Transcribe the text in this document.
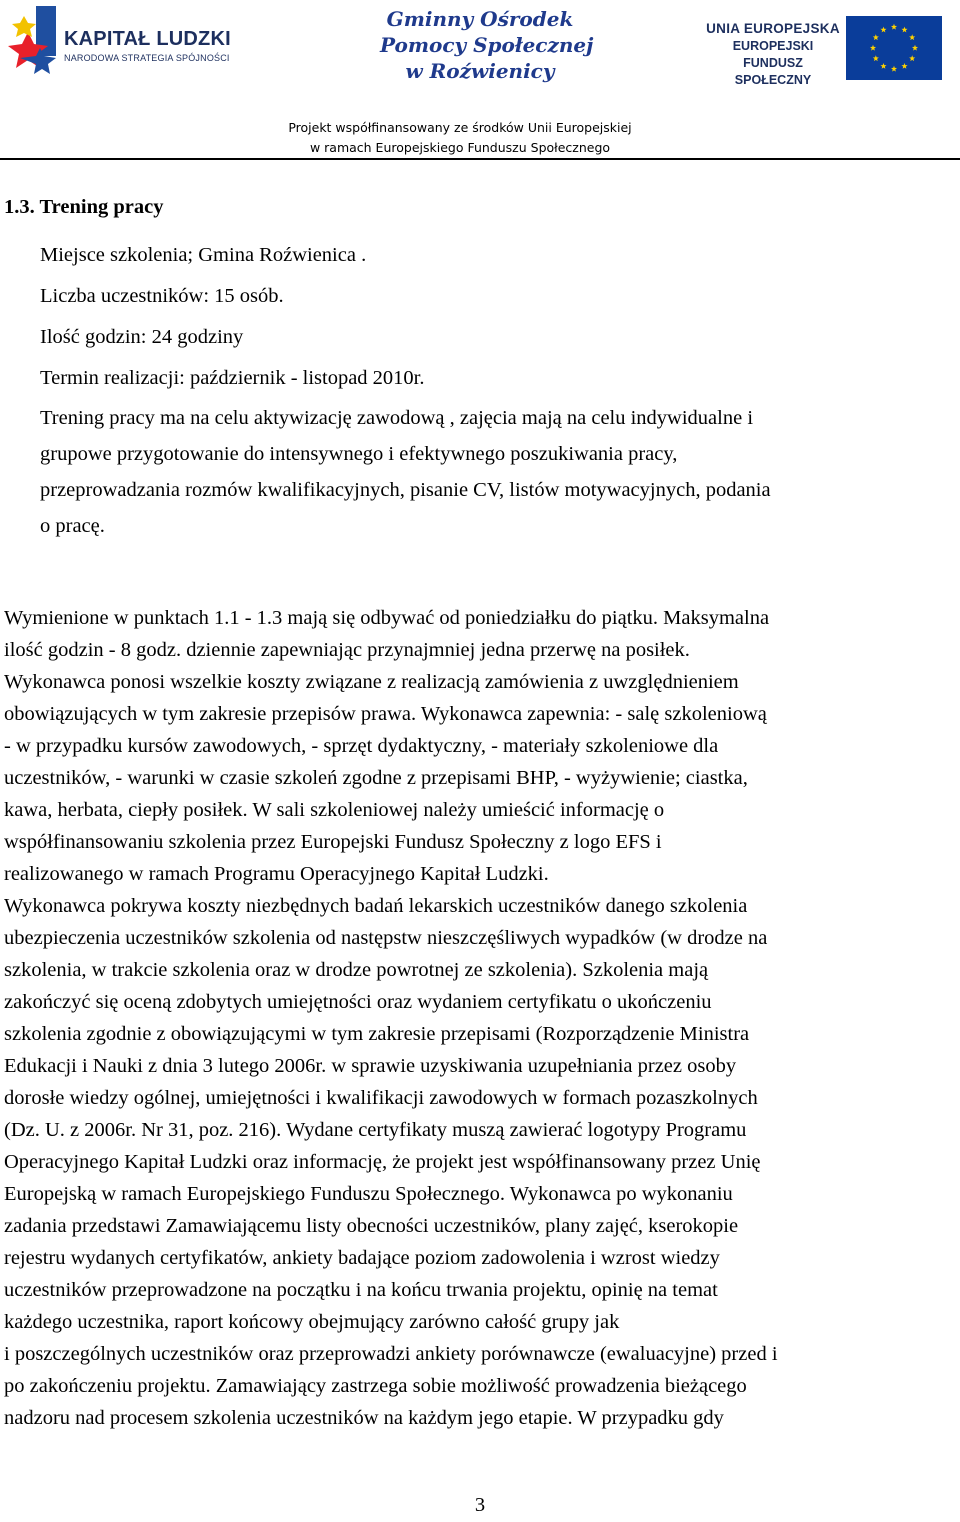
KAPITAŁ LUDZKI
NARODOWA STRATEGIA SPÓJNOŚCI
Gminny Ośrodek
Pomocy Społecznej
w Roźwienicy
UNIA EUROPEJSKA
EUROPEJSKI
FUNDUSZ SPOŁECZNY
Projekt współfinansowany ze środków Unii Europejskiej
w ramach Europejskiego Funduszu Społecznego
1.3. Trening pracy
Miejsce szkolenia; Gmina Roźwienica .
Liczba uczestników: 15 osób.
Ilość godzin: 24 godziny
Termin realizacji: październik - listopad 2010r.
Trening pracy ma na celu aktywizację zawodową , zajęcia mają na celu indywidualne i
grupowe przygotowanie do intensywnego i efektywnego poszukiwania pracy,
przeprowadzania rozmów kwalifikacyjnych, pisanie CV, listów motywacyjnych, podania
o pracę.
Wymienione w punktach 1.1 - 1.3 mają się odbywać od poniedziałku do piątku. Maksymalna
ilość godzin - 8 godz. dziennie zapewniając przynajmniej jedna przerwę na posiłek.
Wykonawca ponosi wszelkie koszty związane z realizacją zamówienia z uwzględnieniem
obowiązujących w tym zakresie przepisów prawa. Wykonawca zapewnia: - salę szkoleniową
- w przypadku kursów zawodowych, - sprzęt dydaktyczny, - materiały szkoleniowe dla
uczestników, - warunki w czasie szkoleń zgodne z przepisami BHP, - wyżywienie; ciastka,
kawa, herbata, ciepły posiłek. W sali szkoleniowej należy umieścić informację o
współfinansowaniu szkolenia przez Europejski Fundusz Społeczny z logo EFS i
realizowanego w ramach Programu Operacyjnego Kapitał Ludzki.
Wykonawca pokrywa koszty niezbędnych badań lekarskich uczestników danego szkolenia
ubezpieczenia uczestników szkolenia od następstw nieszczęśliwych wypadków (w drodze na
szkolenia, w trakcie szkolenia oraz w drodze powrotnej ze szkolenia). Szkolenia mają
zakończyć się oceną zdobytych umiejętności oraz wydaniem certyfikatu o ukończeniu
szkolenia zgodnie z obowiązującymi w tym zakresie przepisami (Rozporządzenie Ministra
Edukacji i Nauki z dnia 3 lutego 2006r. w sprawie uzyskiwania uzupełniania przez osoby
dorosłe wiedzy ogólnej, umiejętności i kwalifikacji zawodowych w formach pozaszkolnych
(Dz. U. z 2006r. Nr 31, poz. 216). Wydane certyfikaty muszą zawierać logotypy Programu
Operacyjnego Kapitał Ludzki oraz informację, że projekt jest współfinansowany przez Unię
Europejską w ramach Europejskiego Funduszu Społecznego. Wykonawca po wykonaniu
zadania przedstawi Zamawiającemu listy obecności uczestników, plany zajęć, kserokopie
rejestru wydanych certyfikatów, ankiety badające poziom zadowolenia i wzrost wiedzy
uczestników przeprowadzone na początku i na końcu trwania projektu, opinię na temat
każdego uczestnika, raport końcowy obejmujący zarówno całość grupy jak
i poszczególnych uczestników oraz przeprowadzi ankiety porównawcze (ewaluacyjne) przed i
po zakończeniu projektu. Zamawiający zastrzega sobie możliwość prowadzenia bieżącego
nadzoru nad procesem szkolenia uczestników na każdym jego etapie. W przypadku gdy
3
